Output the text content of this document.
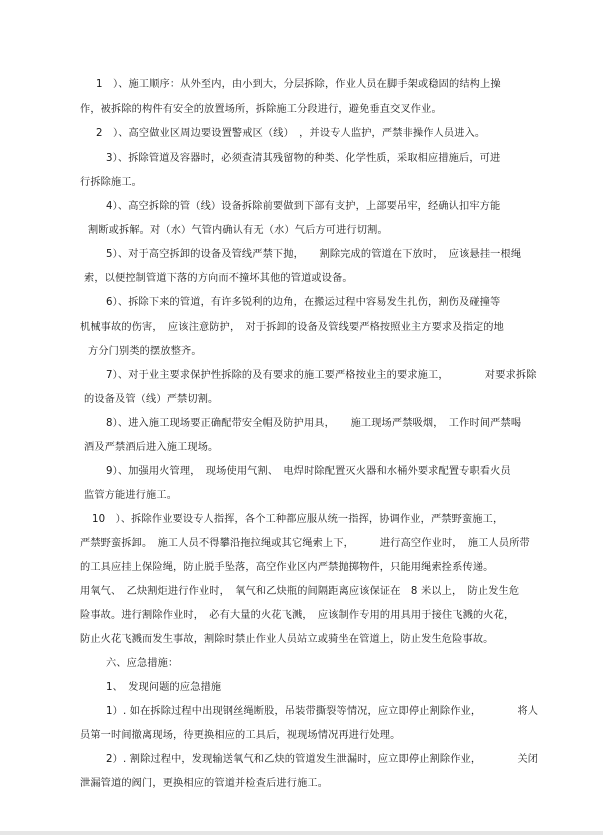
1　）、施工顺序：从外至内，由小到大，分层拆除，作业人员在脚手架或稳固的结构上操
作，被拆除的构件有安全的放置场所，拆除施工分段进行，避免垂直交叉作业。
2　）、高空做业区周边要设置警戒区（线）　，并设专人监护，严禁非操作人员进入。
3）、拆除管道及容器时，必须查清其残留物的种类、化学性质，采取相应措施后，可进
行拆除施工。
4）、高空拆除的管（线）设备拆除前要做到下部有支护，上部要吊牢，经确认扣牢方能
割断或拆解。对（水）气管内确认有无（水）气后方可进行切割。
5）、对于高空拆卸的设备及管线严禁下抛，　　割除完成的管道在下放时，　应该悬挂一根绳
索，以便控制管道下落的方向而不撞坏其他的管道或设备。
6）、拆除下来的管道，有许多锐利的边角，在搬运过程中容易发生扎伤，割伤及碰撞等
机械事故的伤害，　应该注意防护，　对于拆卸的设备及管线要严格按照业主方要求及指定的地
方分门别类的摆放整齐。
7）、对于业主要求保护性拆除的及有要求的施工要严格按业主的要求施工，　　　　对要求拆除
的设备及管（线）严禁切割。
8）、进入施工现场要正确配带安全帽及防护用具，　　施工现场严禁吸烟，　工作时间严禁喝
酒及严禁酒后进入施工现场。
9）、加强用火管理，　现场使用气割、　电焊时除配置灭火器和水桶外要求配置专职看火员
监管方能进行施工。
10　）、拆除作业要设专人指挥，各个工种都应服从统一指挥，协调作业，严禁野蛮施工，
严禁野蛮拆卸。　施工人员不得攀沿拖拉绳或其它绳索上下，　　　进行高空作业时，　施工人员所带
的工具应挂上保险绳，防止脱手坠落，高空作业区内严禁抛掷物件，只能用绳索拴系传递。
用氧气、　乙炔割炬进行作业时，　氧气和乙炔瓶的间隔距离应该保证在　8 米以上，　防止发生危
险事故。进行割除作业时，　必有大量的火花飞溅，　应该制作专用的用具用于接住飞溅的火花，
防止火花飞溅而发生事故，割除时禁止作业人员站立或骑坐在管道上，防止发生危险事故。
六、应急措施：
1、　发现问题的应急措施
1）. 如在拆除过程中出现钢丝绳断股，吊装带撕裂等情况，应立即停止割除作业，　　　　将人
员第一时间撤离现场，待更换相应的工具后，视现场情况再进行处理。
2）. 割除过程中，发现输送氧气和乙炔的管道发生泄漏时，应立即停止割除作业，　　　　关闭
泄漏管道的阀门，更换相应的管道并检查后进行施工。
